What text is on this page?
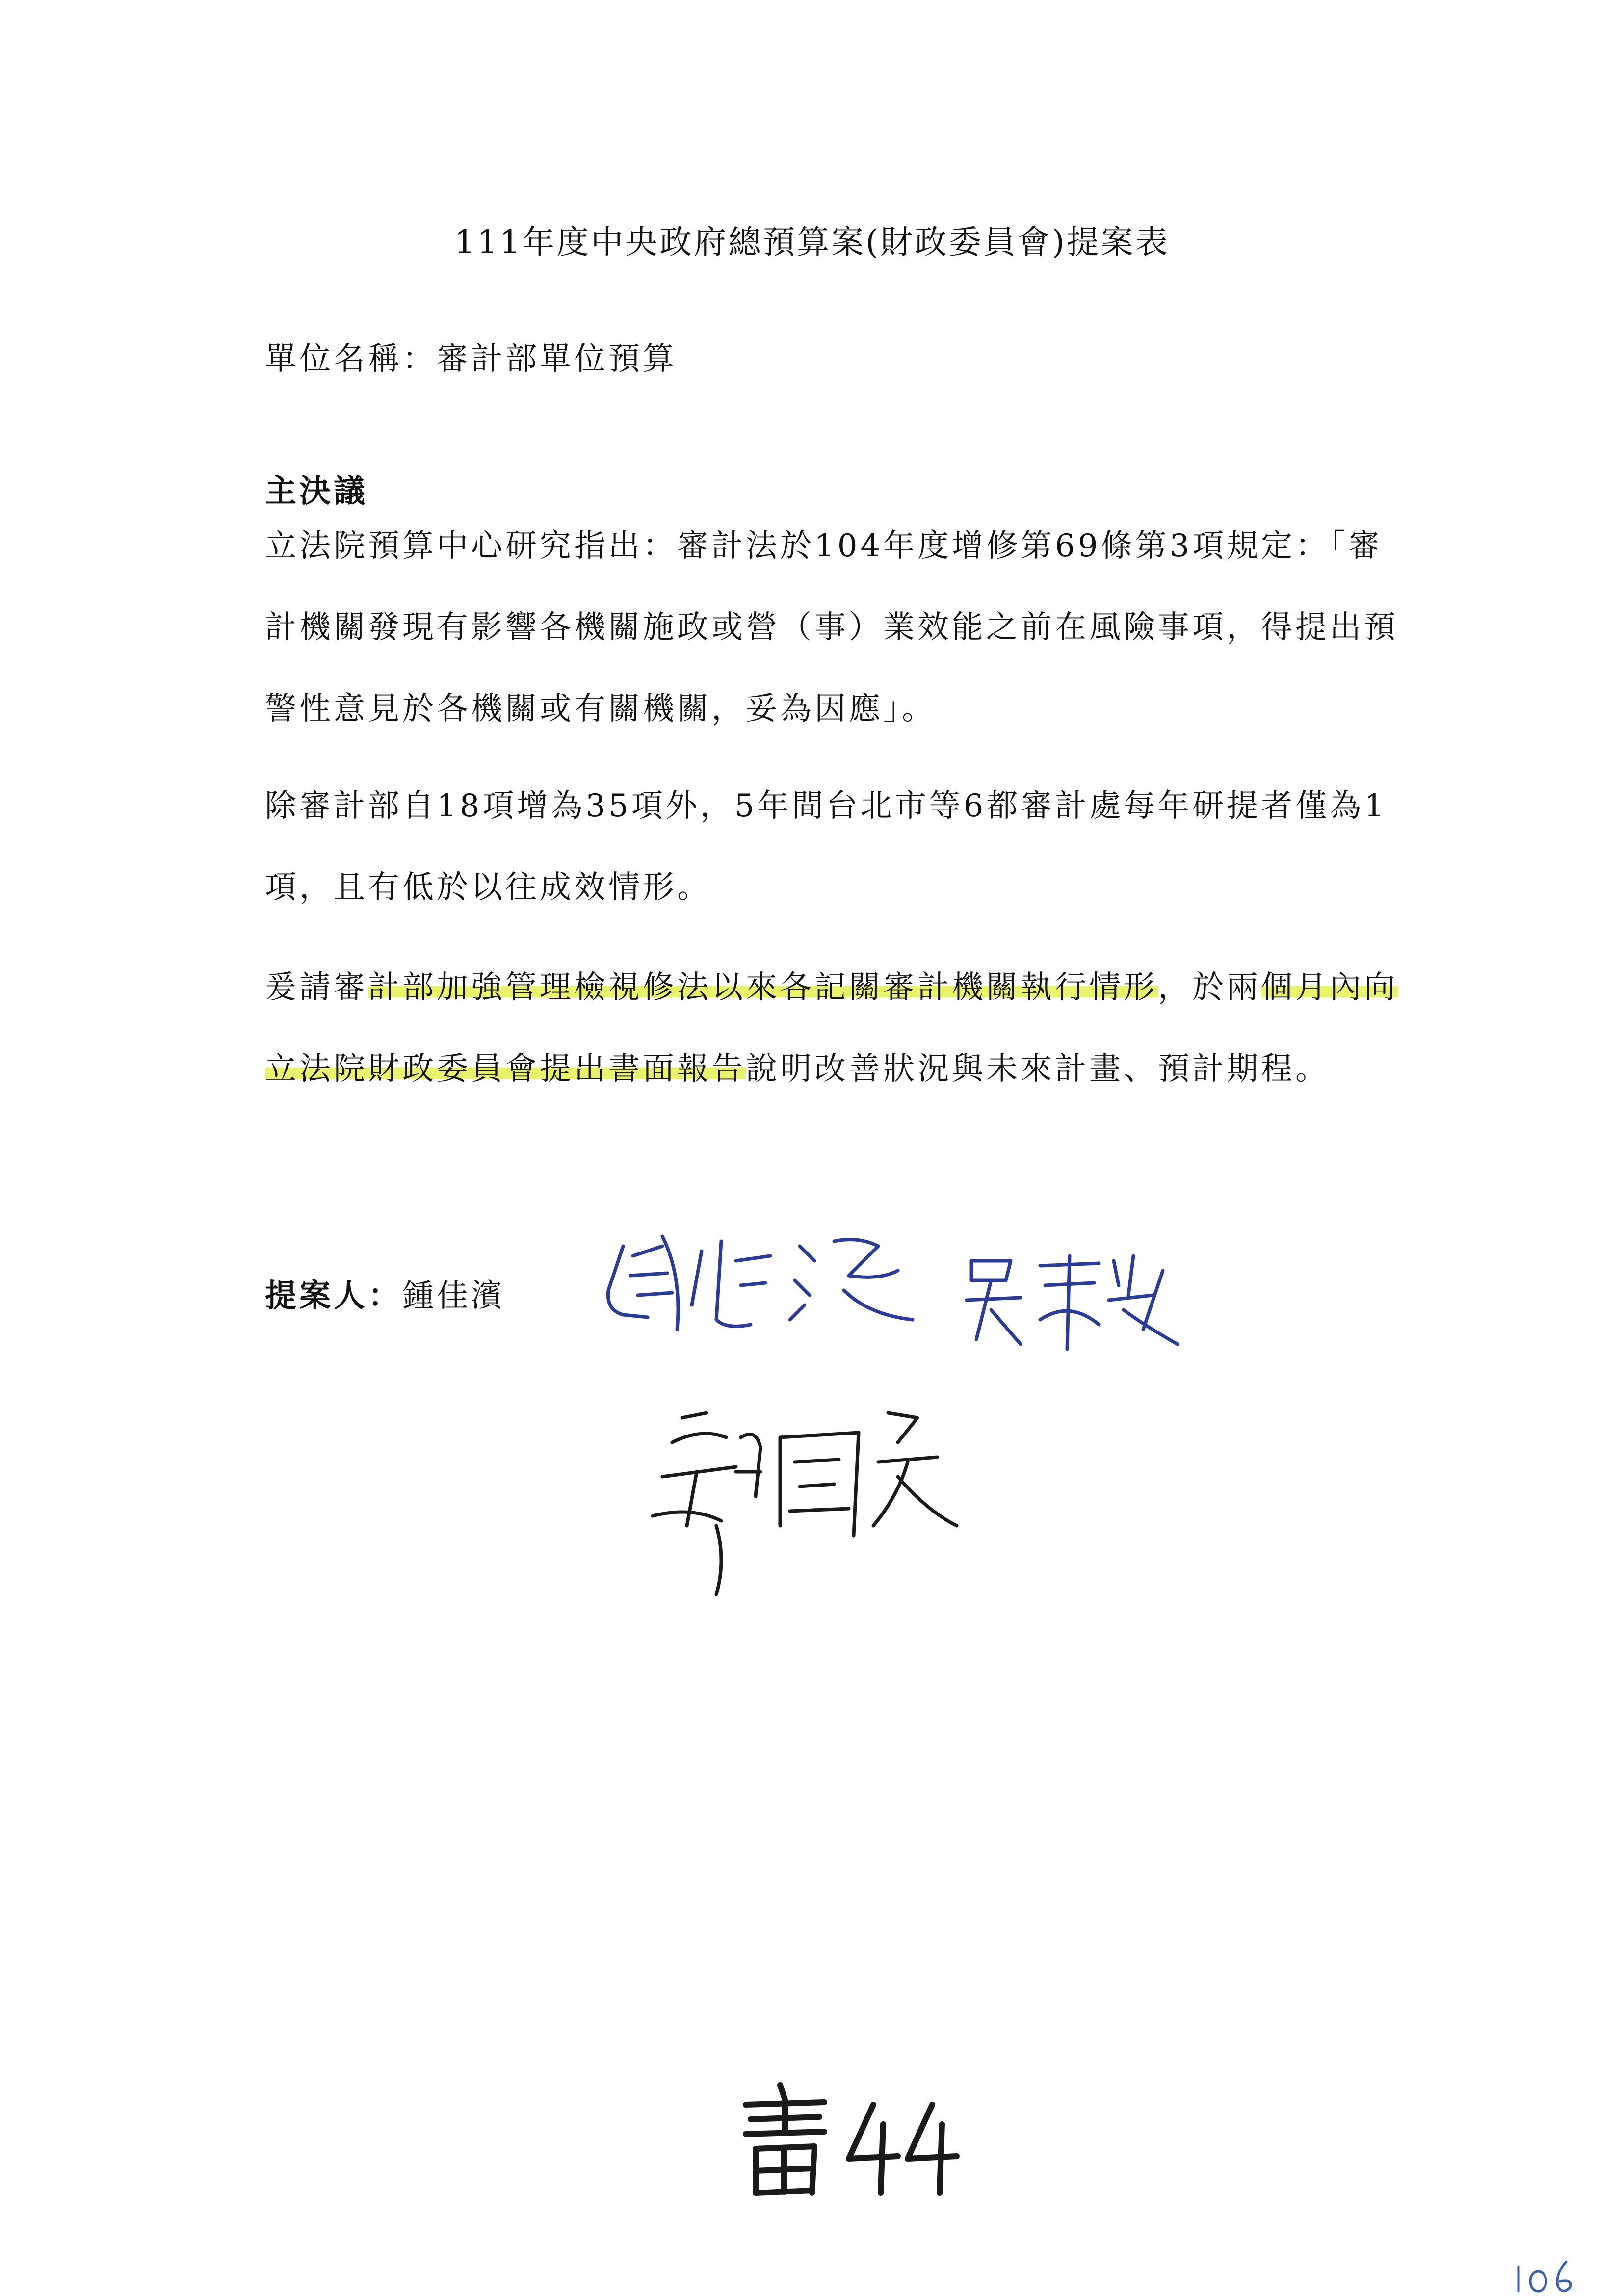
111年度中央政府總預算案(財政委員會)提案表
單位名稱：審計部單位預算
主決議
立法院預算中心研究指出：審計法於104年度增修第69條第3項規定：「審計機關發現有影響各機關施政或營（事）業效能之前在風險事項，得提出預警性意見於各機關或有關機關，妥為因應」。
除審計部自18項增為35項外，5年間台北市等6都審計處每年研提者僅為1項，且有低於以往成效情形。
爰請審計部加強管理檢視修法以來各記關審計機關執行情形，於兩個月內向立法院財政委員會提出書面報告說明改善狀況與未來計畫、預計期程。
提案人：鍾佳濱
